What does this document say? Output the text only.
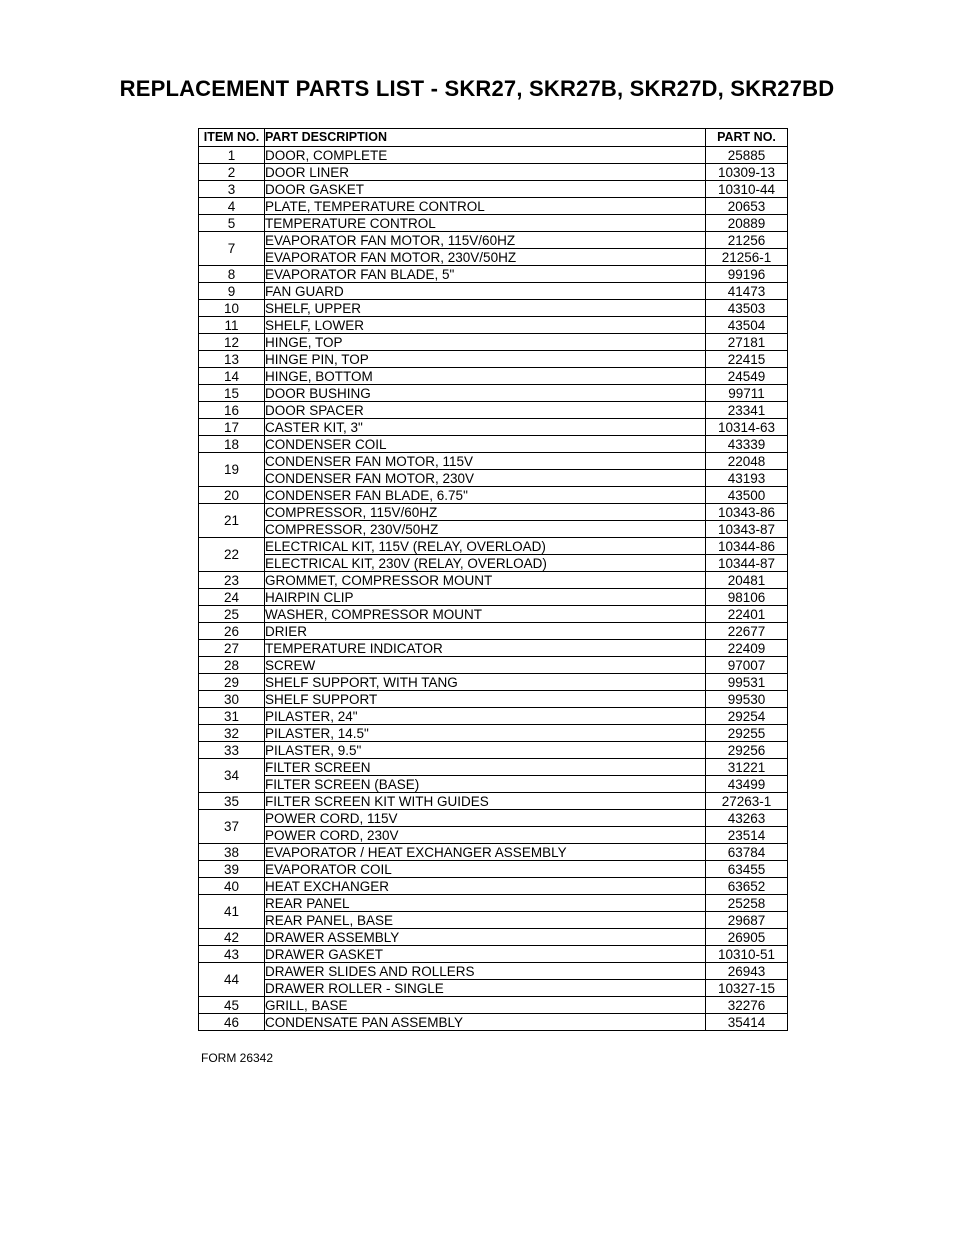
REPLACEMENT PARTS LIST - SKR27, SKR27B, SKR27D, SKR27BD
ITEM NO.	PART DESCRIPTION	PART NO.
1	DOOR, COMPLETE	25885
2	DOOR LINER	10309-13
3	DOOR GASKET	10310-44
4	PLATE, TEMPERATURE CONTROL	20653
5	TEMPERATURE CONTROL	20889
7	EVAPORATOR FAN MOTOR, 115V/60HZ	21256
	EVAPORATOR FAN MOTOR, 230V/50HZ	21256-1
8	EVAPORATOR FAN BLADE, 5"	99196
9	FAN GUARD	41473
10	SHELF, UPPER	43503
11	SHELF, LOWER	43504
12	HINGE, TOP	27181
13	HINGE PIN, TOP	22415
14	HINGE, BOTTOM	24549
15	DOOR BUSHING	99711
16	DOOR SPACER	23341
17	CASTER KIT, 3"	10314-63
18	CONDENSER COIL	43339
19	CONDENSER FAN MOTOR, 115V	22048
	CONDENSER FAN MOTOR, 230V	43193
20	CONDENSER FAN BLADE, 6.75"	43500
21	COMPRESSOR, 115V/60HZ	10343-86
	COMPRESSOR, 230V/50HZ	10343-87
22	ELECTRICAL KIT, 115V (RELAY, OVERLOAD)	10344-86
	ELECTRICAL KIT, 230V (RELAY, OVERLOAD)	10344-87
23	GROMMET, COMPRESSOR MOUNT	20481
24	HAIRPIN CLIP	98106
25	WASHER, COMPRESSOR MOUNT	22401
26	DRIER	22677
27	TEMPERATURE INDICATOR	22409
28	SCREW	97007
29	SHELF SUPPORT, WITH TANG	99531
30	SHELF SUPPORT	99530
31	PILASTER, 24"	29254
32	PILASTER, 14.5"	29255
33	PILASTER, 9.5"	29256
34	FILTER SCREEN	31221
	FILTER SCREEN (BASE)	43499
35	FILTER SCREEN KIT WITH GUIDES	27263-1
37	POWER CORD, 115V	43263
	POWER CORD, 230V	23514
38	EVAPORATOR / HEAT EXCHANGER ASSEMBLY	63784
39	EVAPORATOR COIL	63455
40	HEAT EXCHANGER	63652
41	REAR PANEL	25258
	REAR PANEL, BASE	29687
42	DRAWER ASSEMBLY	26905
43	DRAWER GASKET	10310-51
44	DRAWER SLIDES AND ROLLERS	26943
	DRAWER ROLLER - SINGLE	10327-15
45	GRILL, BASE	32276
46	CONDENSATE PAN ASSEMBLY	35414
FORM 26342
